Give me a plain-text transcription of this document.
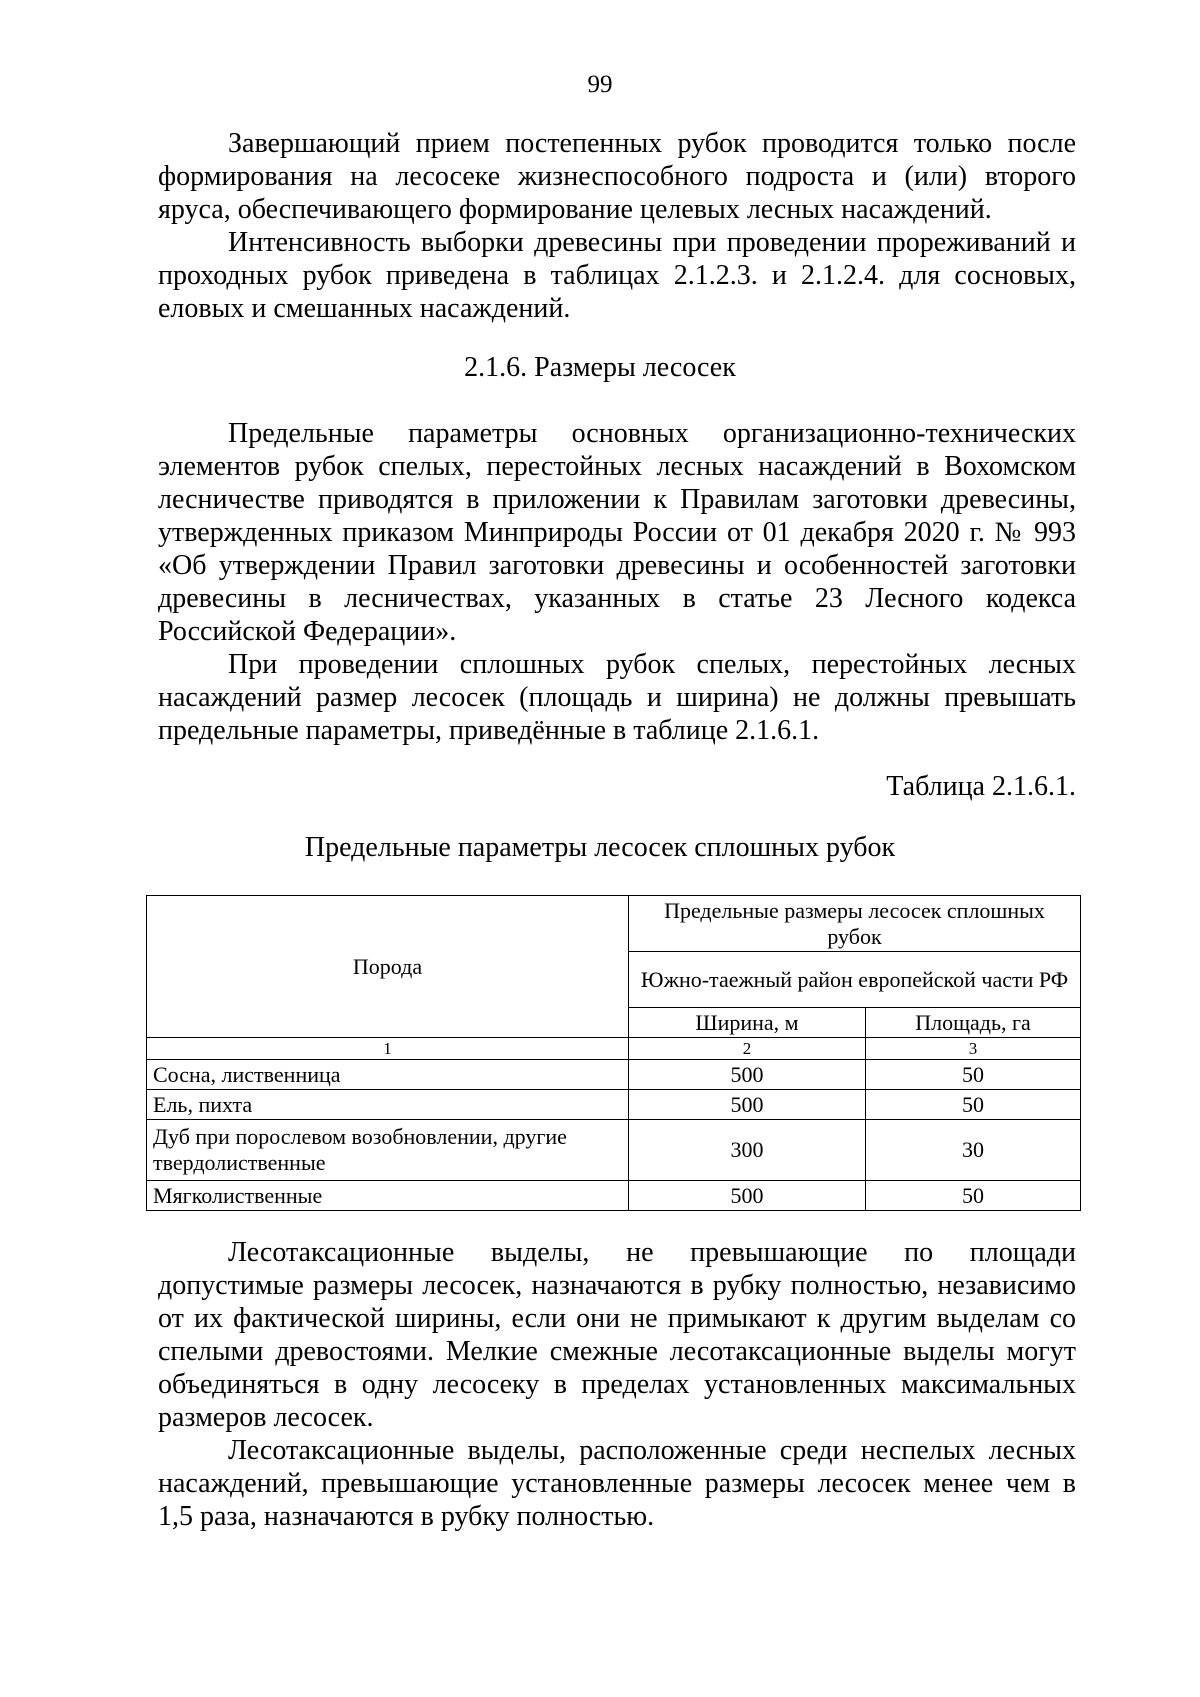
99

Завершающий прием постепенных рубок проводится только после формирования на лесосеке жизнеспособного подроста и (или) второго яруса, обеспечивающего формирование целевых лесных насаждений.

Интенсивность выборки древесины при проведении прореживаний и проходных рубок приведена в таблицах 2.1.2.3. и 2.1.2.4. для сосновых, еловых и смешанных насаждений.

2.1.6. Размеры лесосек

Предельные параметры основных организационно-технических элементов рубок спелых, перестойных лесных насаждений в Вохомском лесничестве приводятся в приложении к Правилам заготовки древесины, утвержденных приказом Минприроды России от 01 декабря 2020 г. № 993 «Об утверждении Правил заготовки древесины и особенностей заготовки древесины в лесничествах, указанных в статье 23 Лесного кодекса Российской Федерации».

При проведении сплошных рубок спелых, перестойных лесных насаждений размер лесосек (площадь и ширина) не должны превышать предельные параметры, приведённые в таблице 2.1.6.1.

Таблица 2.1.6.1.

Предельные параметры лесосек сплошных рубок
Порода	Предельные размеры лесосек сплошных рубок	
	Южно-таежный район европейской части РФ	
	Ширина, м	Площадь, га
1	2	3
Сосна, лиственница	500	50
Ель, пихта	500	50
Дуб при порослевом возобновлении, другие твердолиственные	300	30
Мягколиственные	500	50

Лесотаксационные выделы, не превышающие по площади допустимые размеры лесосек, назначаются в рубку полностью, независимо от их фактической ширины, если они не примыкают к другим выделам со спелыми древостоями. Мелкие смежные лесотаксационные выделы могут объединяться в одну лесосеку в пределах установленных максимальных размеров лесосек.

Лесотаксационные выделы, расположенные среди неспелых лесных насаждений, превышающие установленные размеры лесосек менее чем в 1,5 раза, назначаются в рубку полностью.
